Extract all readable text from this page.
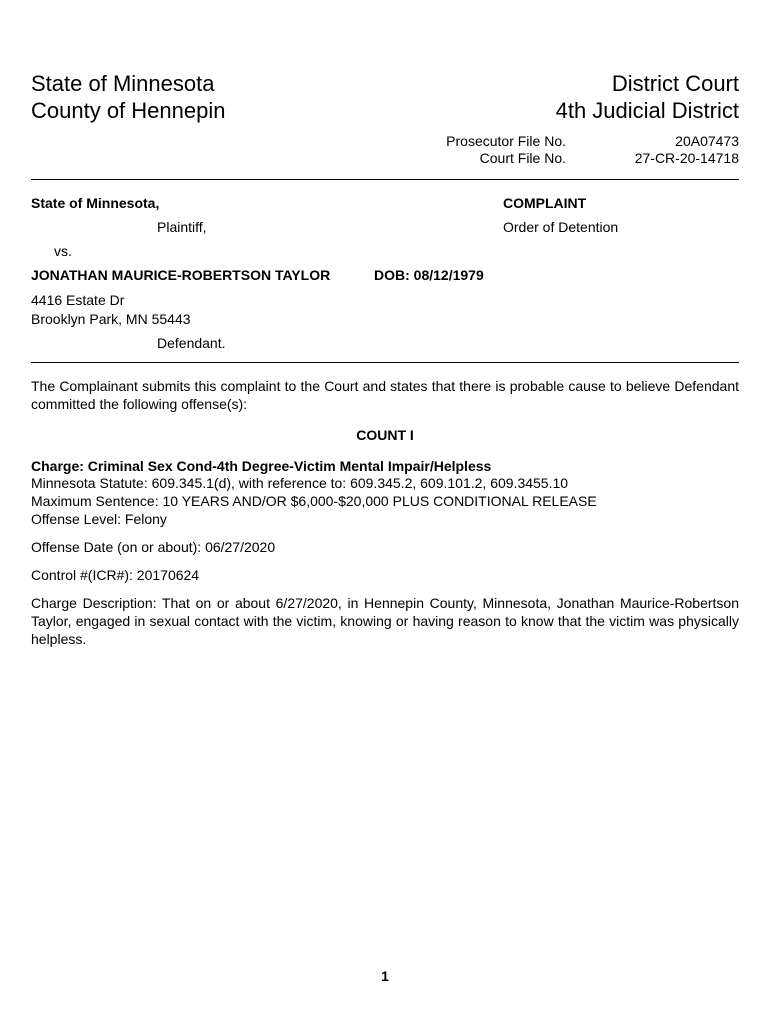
State of Minnesota
County of Hennepin
District Court
4th Judicial District
Prosecutor File No.	20A07473
Court File No.	27-CR-20-14718
State of Minnesota,
Plaintiff,
vs.
JONATHAN MAURICE-ROBERTSON TAYLOR	DOB: 08/12/1979
4416 Estate Dr
Brooklyn Park, MN 55443
Defendant.
COMPLAINT
Order of Detention
The Complainant submits this complaint to the Court and states that there is probable cause to believe Defendant committed the following offense(s):
COUNT I
Charge: Criminal Sex Cond-4th Degree-Victim Mental Impair/Helpless
Minnesota Statute: 609.345.1(d), with reference to: 609.345.2, 609.101.2, 609.3455.10
Maximum Sentence: 10 YEARS AND/OR $6,000-$20,000 PLUS CONDITIONAL RELEASE
Offense Level: Felony
Offense Date (on or about): 06/27/2020
Control #(ICR#): 20170624
Charge Description: That on or about 6/27/2020, in Hennepin County, Minnesota, Jonathan Maurice-Robertson Taylor, engaged in sexual contact with the victim, knowing or having reason to know that the victim was physically helpless.
1
